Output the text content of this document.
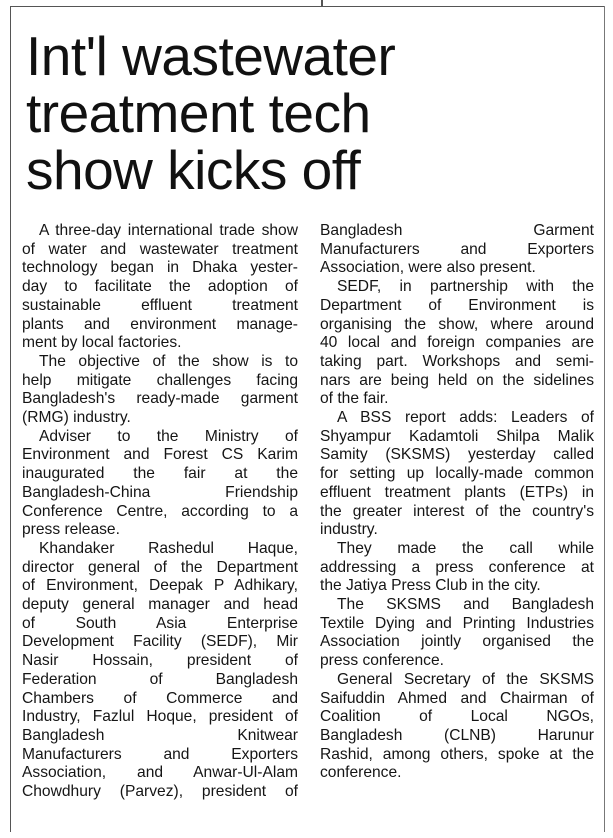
Int'l wastewater
treatment tech
show kicks off
A three-day international trade show
of water and wastewater treatment
technology began in Dhaka yester-
day to facilitate the adoption of
sustainable effluent treatment
plants and environment manage-
ment by local factories.
The objective of the show is to
help mitigate challenges facing
Bangladesh's ready-made garment
(RMG) industry.
Adviser to the Ministry of
Environment and Forest CS Karim
inaugurated the fair at the
Bangladesh-China Friendship
Conference Centre, according to a
press release.
Khandaker Rashedul Haque,
director general of the Department
of Environment, Deepak P Adhikary,
deputy general manager and head
of South Asia Enterprise
Development Facility (SEDF), Mir
Nasir Hossain, president of
Federation of Bangladesh
Chambers of Commerce and
Industry, Fazlul Hoque, president of
Bangladesh Knitwear
Manufacturers and Exporters
Association, and Anwar-Ul-Alam
Chowdhury (Parvez), president of
Bangladesh Garment
Manufacturers and Exporters
Association, were also present.
SEDF, in partnership with the
Department of Environment is
organising the show, where around
40 local and foreign companies are
taking part. Workshops and semi-
nars are being held on the sidelines
of the fair.
A BSS report adds: Leaders of
Shyampur Kadamtoli Shilpa Malik
Samity (SKSMS) yesterday called
for setting up locally-made common
effluent treatment plants (ETPs) in
the greater interest of the country's
industry.
They made the call while
addressing a press conference at
the Jatiya Press Club in the city.
The SKSMS and Bangladesh
Textile Dying and Printing Industries
Association jointly organised the
press conference.
General Secretary of the SKSMS
Saifuddin Ahmed and Chairman of
Coalition of Local NGOs,
Bangladesh (CLNB) Harunur
Rashid, among others, spoke at the
conference.
